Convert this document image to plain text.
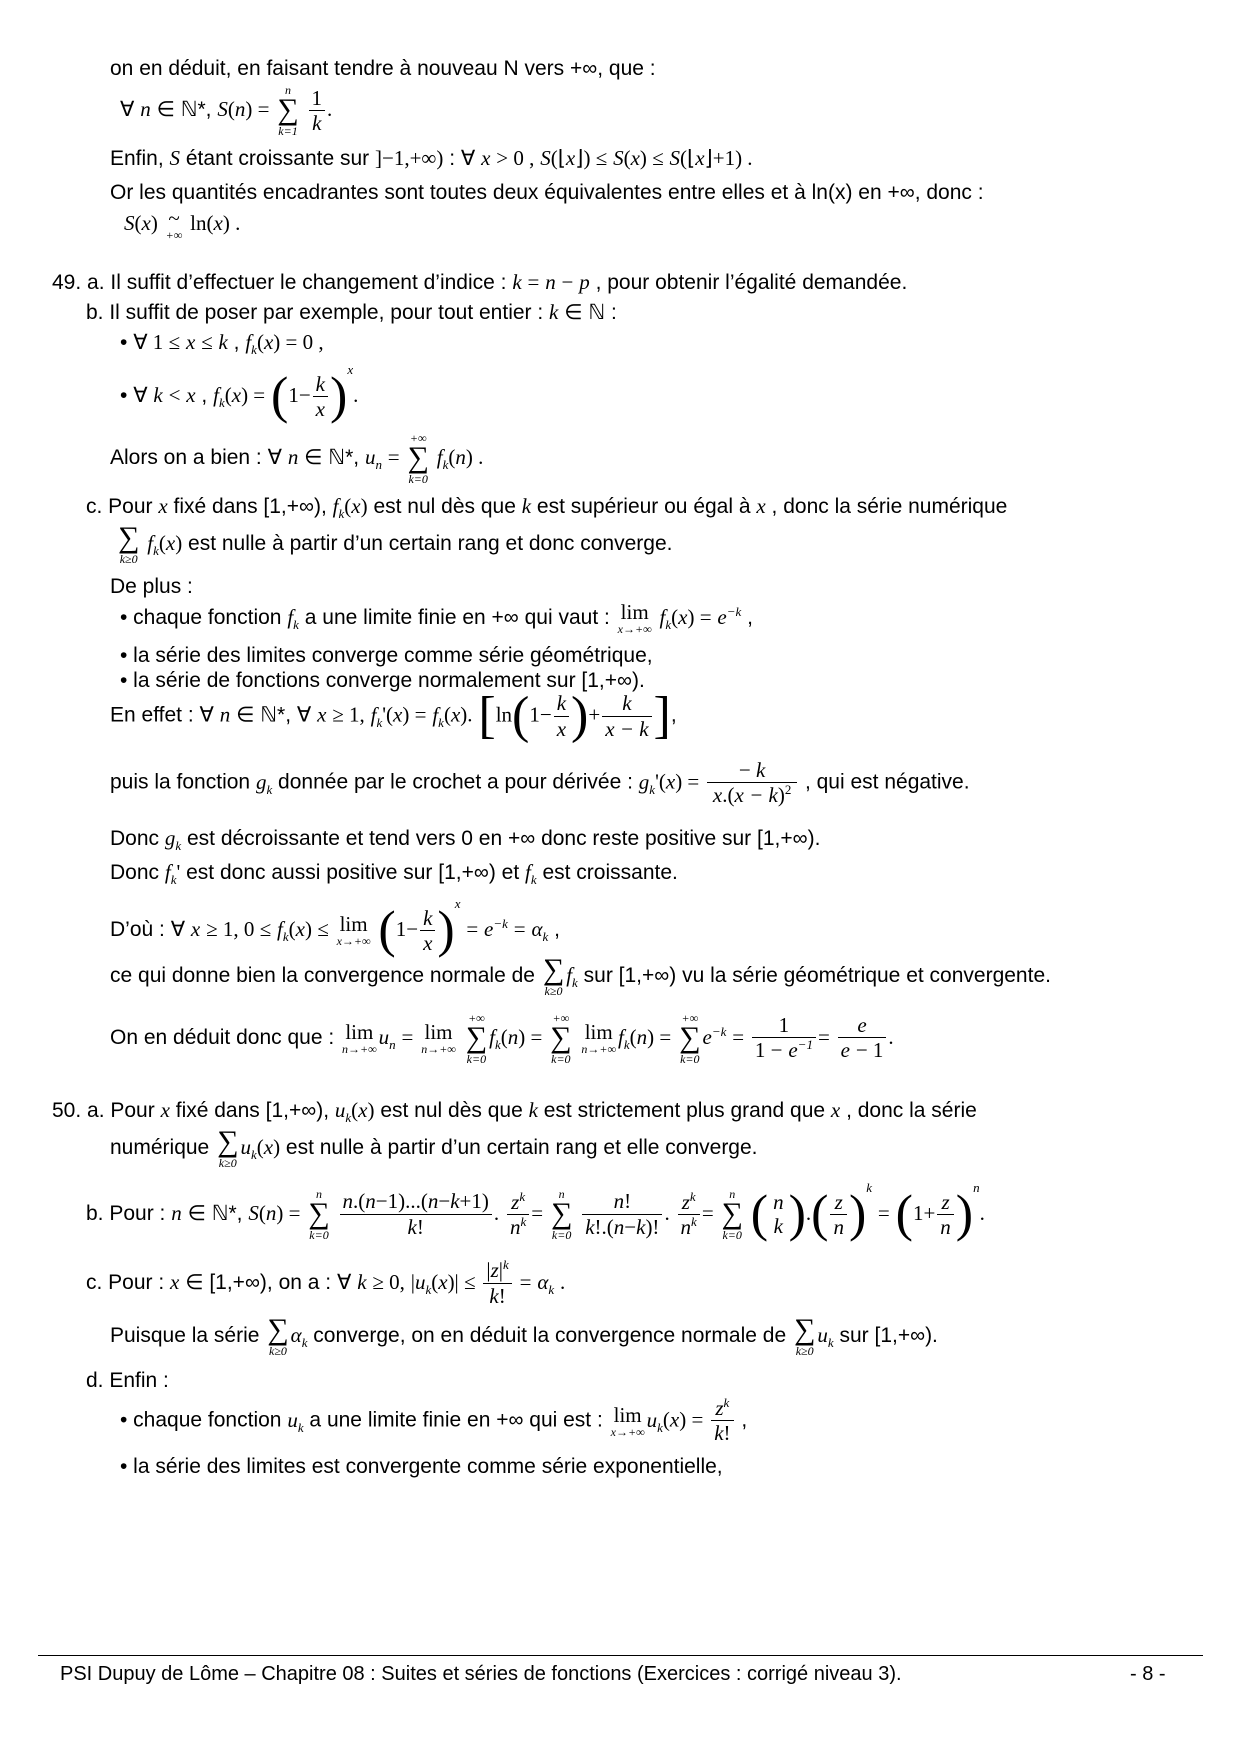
on en déduit, en faisant tendre à nouveau N vers +∞, que :
∀ n ∈ ℕ*, S(n) =
n
∑
k=1
$\frac{1}{k}$ .
Enfin, S étant croissante sur ]−1,+∞) : ∀ x > 0 , S(⌊x⌋) ≤ S(x) ≤ S(⌊x⌋+1) .
Or les quantités encadrantes sont toutes deux équivalentes entre elles et à ln(x) en +∞, donc :
S(x) ~
+∞ ln(x) .
49. a. Il suffit d’effectuer le changement d’indice : k = n − p , pour obtenir l’égalité demandée.
b. Il suffit de poser par exemple, pour tout entier : k ∈ ℕ :
• ∀ 1 ≤ x ≤ k , $f_k(x) = 0$ ,
• ∀ k < x , $f_k(x) = (1- \frac{k}{x} )^x$.
Alors on a bien : ∀ n ∈ ℕ*, $u_n$ =
+∞
∑
k=0
$f_k(n)$ .
c. Pour x fixé dans [1,+∞), $f_k(x)$ est nul dès que k est supérieur ou égal à x , donc la série numérique
∑
k≥0
$f_k(x)$ est nulle à partir d’un certain rang et donc converge.
De plus :
• chaque fonction $f_k$ a une limite finie en +∞ qui vaut : lim
x→+∞ $f_k(x) = e^{-k}$ ,
• la série des limites converge comme série géométrique,
• la série de fonctions converge normalement sur [1,+∞).
En effet : ∀ n ∈ ℕ*, ∀ x ≥ 1, $f_k'(x) = f_k(x)$. [$\ln(1- \frac{k}{x}$ )+ $\frac{k}{x - k}$ ],
puis la fonction $g_k$ donnée par le crochet a pour dérivée : $g_k'(x) = \frac{- k}{x.(x - k)^2}$ , qui est négative.
Donc $g_k$ est décroissante et tend vers 0 en +∞ donc reste positive sur [1,+∞).
Donc $f_k'$ est donc aussi positive sur [1,+∞) et $f_k$ est croissante.
D’où : ∀ x ≥ 1, $0 \le f_k(x) \le \lim$
x→+∞ $(1- \frac{k}{x} )^x = e^{-k} = \alpha_k$ ,
ce qui donne bien la convergence normale de ∑
k≥0
$f_k$ sur [1,+∞) vu la série géométrique et convergente.
On en déduit donc que : lim
n→+∞ $u_n = \lim$
n→+∞

+∞
∑
k=0
$f_k(n)$ =
+∞
∑
k=0

lim
n→+∞ $f_k(n)$ =
+∞
∑
k=0
$e^{-k} = \frac{1}{1 - e^{-1}} = \frac{e}{e - 1}$ .
50. a. Pour x fixé dans [1,+∞), $u_k(x)$ est nul dès que k est strictement plus grand que x , donc la série
numérique ∑
k≥0
$u_k(x)$ est nulle à partir d’un certain rang et elle converge.
b. Pour : n ∈ ℕ*, S(n) =
n
∑
k=0
$\frac{n.(n-1)...(n-k+1)}{k!}$ . $\frac{z^k}{n^k}$ =
n
∑
k=0
$\frac{n!}{k!.(n-k)!}$ . $\frac{z^k}{n^k}$ =
n
∑
k=0 ( n
k ).( $\frac{z}{n} )^k = (1+ \frac{z}{n} )^n$.
c. Pour : x ∈ [1,+∞), on a : ∀ k ≥ 0, $|u_k(x)| \le \frac{|z|^k}{k!} = \alpha_k$ .
Puisque la série ∑
k≥0
$\alpha_k$ converge, on en déduit la convergence normale de ∑
k≥0
$u_k$ sur [1,+∞).
d. Enfin :
• chaque fonction $u_k$ a une limite finie en +∞ qui est : lim
x→+∞ $u_k(x) = \frac{z^k}{k!}$ ,
• la série des limites est convergente comme série exponentielle,
PSI Dupuy de Lôme – Chapitre 08 : Suites et séries de fonctions (Exercices : corrigé niveau 3).	- 8 -
